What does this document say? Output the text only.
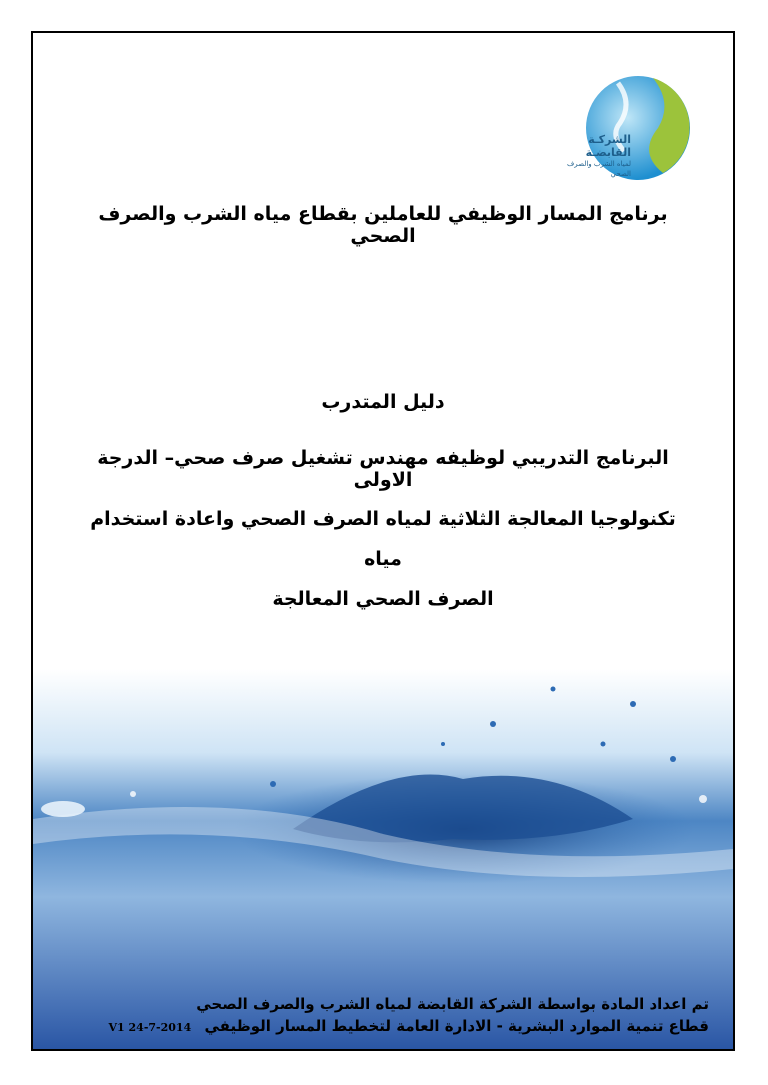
الشركـة القابضـة
لمياه الشرب والصرف الصحي
برنامج المسار الوظيفي للعاملين بقطاع مياه الشرب والصرف الصحي
دليل المتدرب
البرنامج التدريبي لوظيفه مهندس تشغيل صرف صحي– الدرجة الاولى
تكنولوجيا المعالجة الثلاثية لمياه الصرف الصحي واعادة استخدام مياه
الصرف الصحي المعالجة
تم اعداد المادة بواسطة الشركة القابضة لمياه الشرب والصرف الصحي
قطاع تنمية الموارد البشرية - الادارة العامة لتخطيط المسار الوظيفي V1 24-7-2014
